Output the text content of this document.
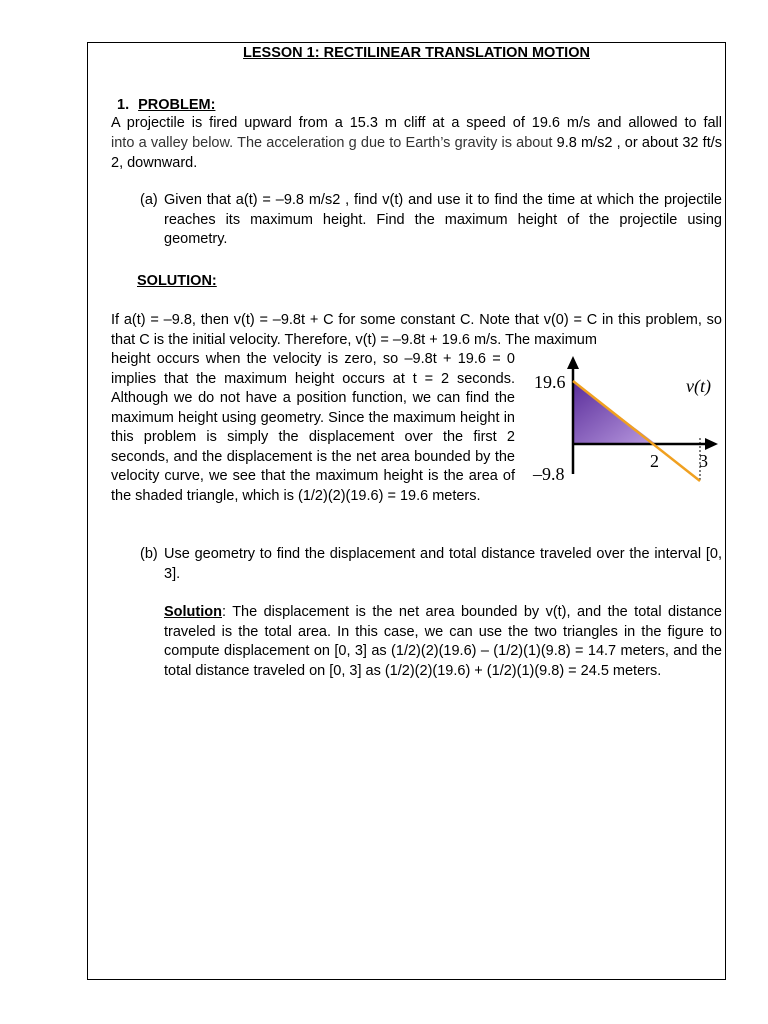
LESSON 1: RECTILINEAR TRANSLATION MOTION
1. PROBLEM:
A projectile is fired upward from a 15.3 m cliff at a speed of 19.6 m/s and allowed to fall
into a valley below. The acceleration g due to Earth’s gravity is about 9.8 m/s2 , or about 32 ft/s 2, downward.
(a) Given that a(t) = –9.8 m/s2 , find v(t) and use it to find the time at which the projectile reaches its maximum height. Find the maximum height of the projectile using geometry.
SOLUTION:
If a(t) = –9.8, then v(t) = –9.8t + C for some constant C. Note that v(0) = C in this problem, so that C is the initial velocity. Therefore, v(t) = –9.8t + 19.6 m/s. The maximum
height occurs when the velocity is zero, so –9.8t + 19.6 = 0 implies that the maximum height occurs at t = 2 seconds. Although we do not have a position function, we can find the maximum height using geometry. Since the maximum height in this problem is simply the displacement over the first 2 seconds, and the displacement is the net area bounded by the velocity curve, we see that the maximum height is the area of the shaded triangle, which is (1/2)(2)(19.6) = 19.6 meters.
(b) Use geometry to find the displacement and total distance traveled over the interval [0, 3].
Solution: The displacement is the net area bounded by v(t), and the total distance traveled is the total area. In this case, we can use the two triangles in the figure to compute displacement on [0, 3] as (1/2)(2)(19.6) – (1/2)(1)(9.8) = 14.7 meters, and the total distance traveled on [0, 3] as (1/2)(2)(19.6) + (1/2)(1)(9.8) = 24.5 meters.
19.6
–9.8
2 3
v(t)
